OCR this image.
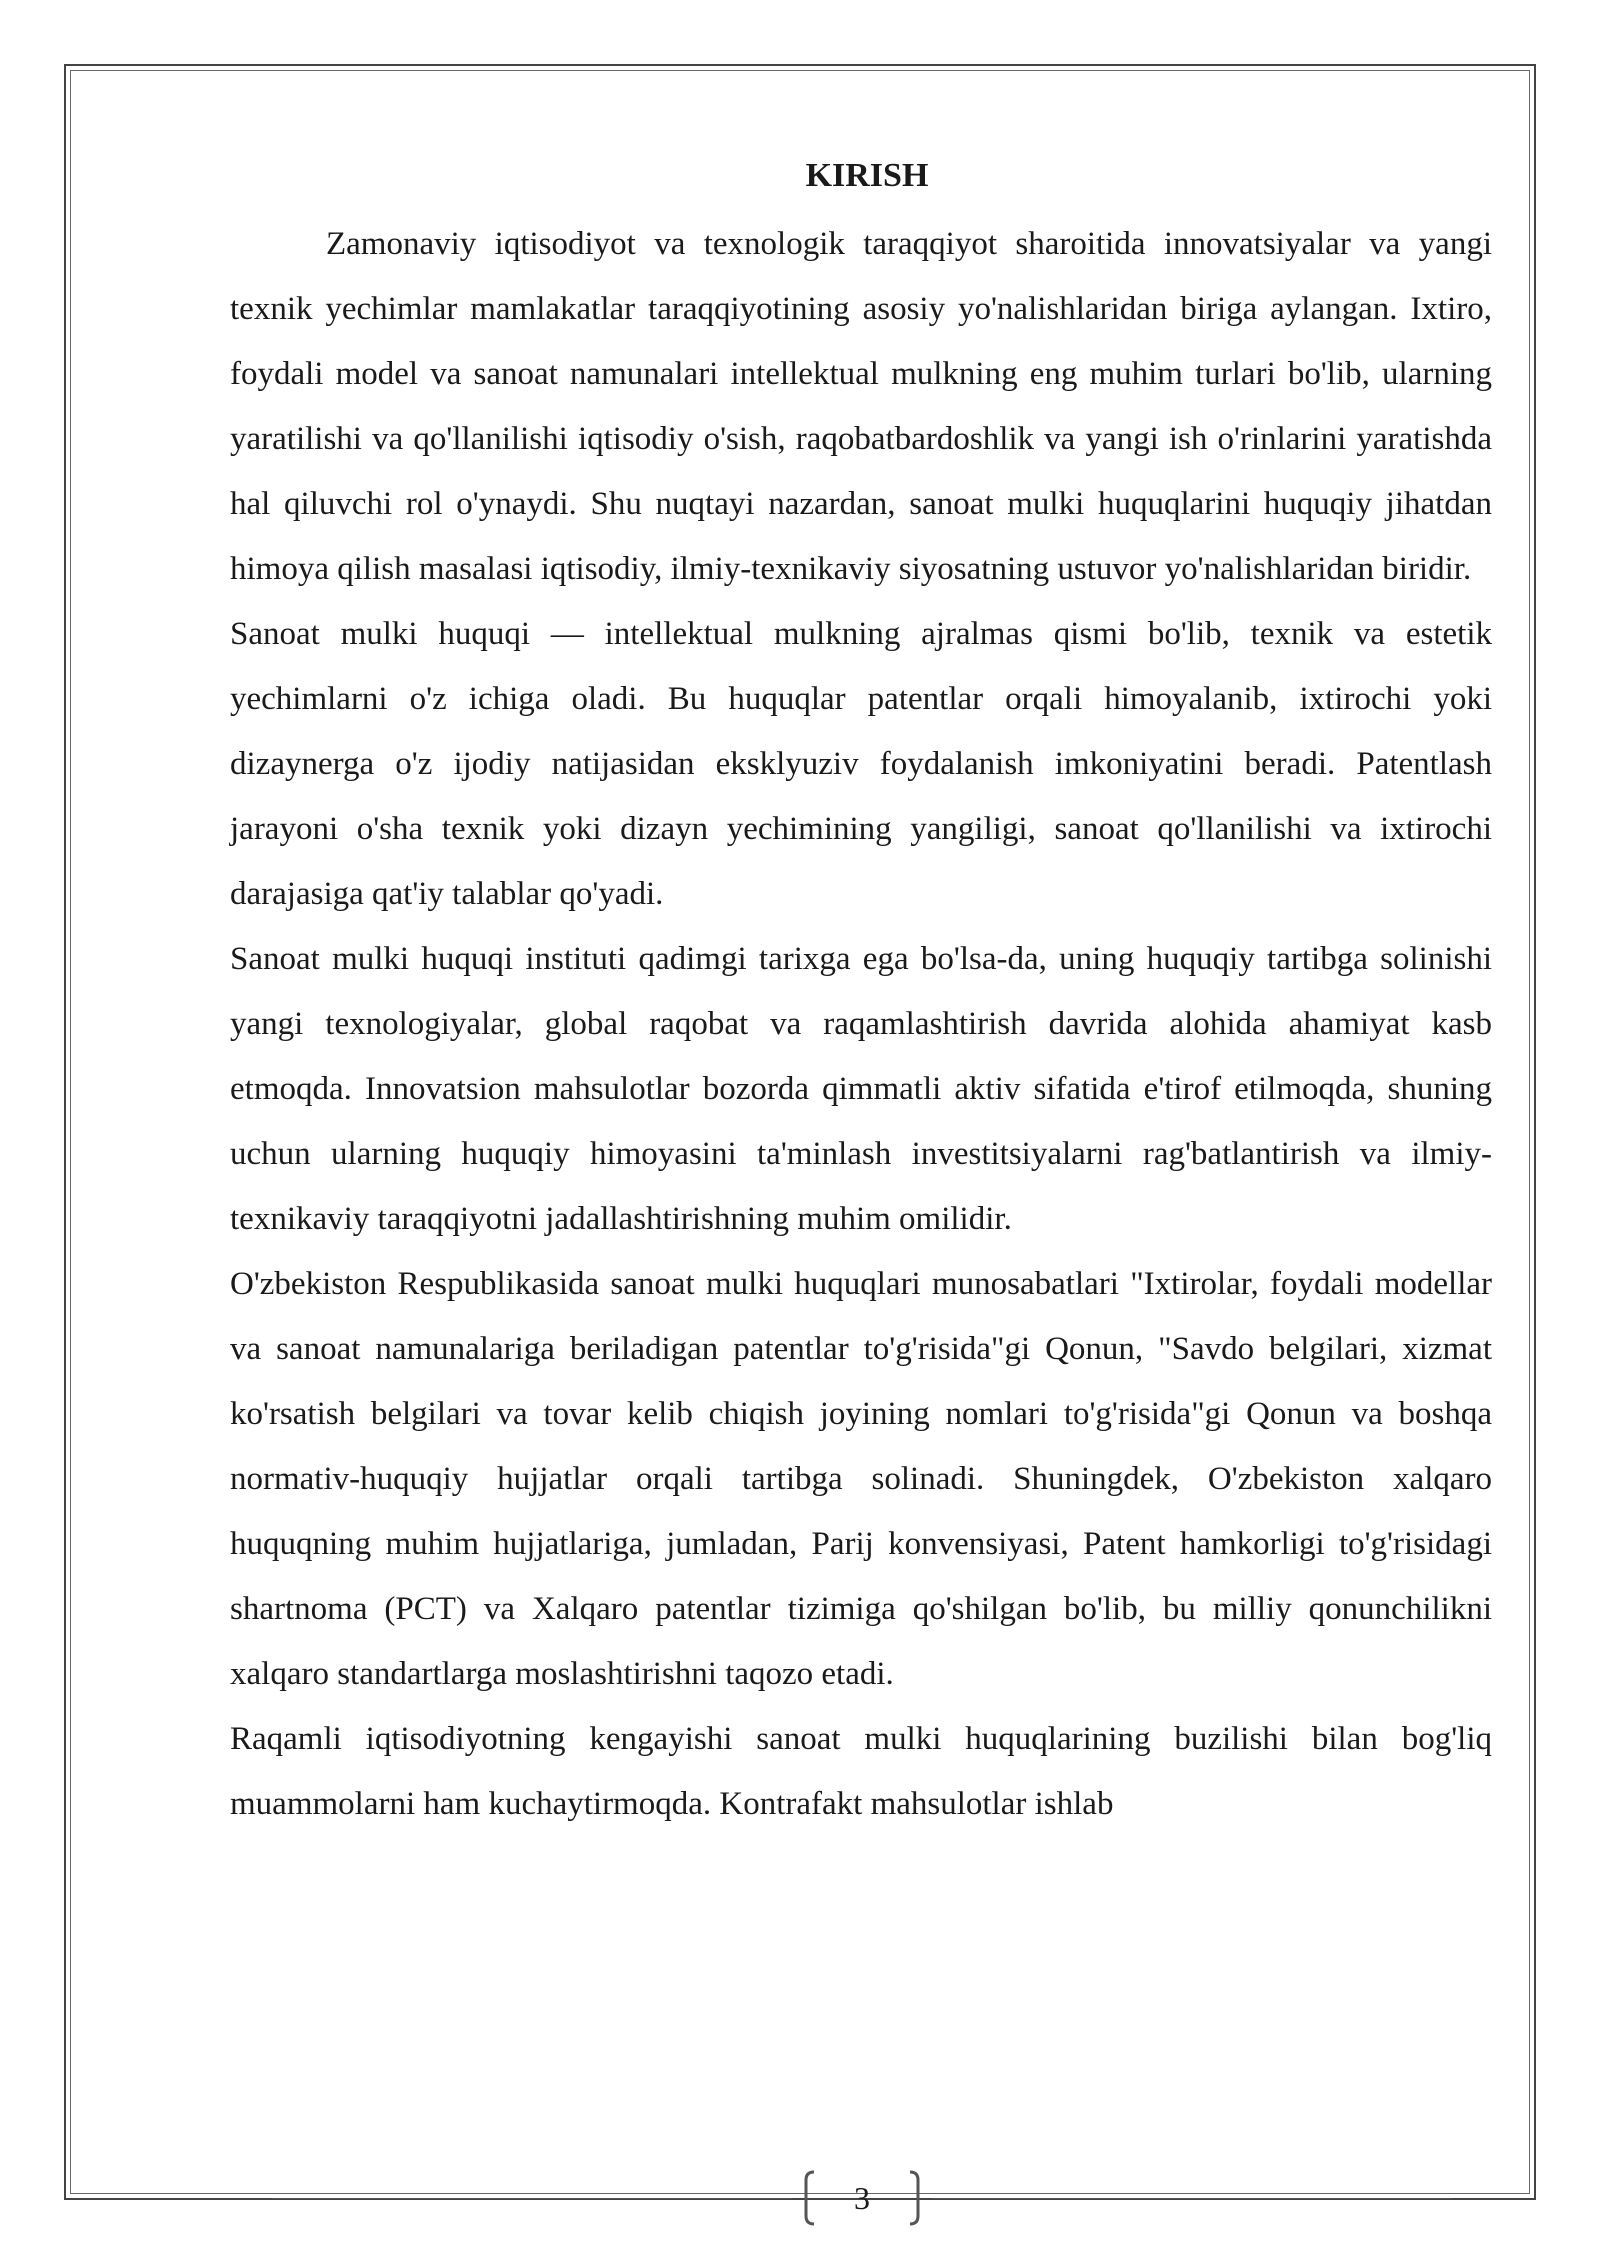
KIRISH

Zamonaviy iqtisodiyot va texnologik taraqqiyot sharoitida innovatsiyalar va yangi texnik yechimlar mamlakatlar taraqqiyotining asosiy yo'nalishlaridan biriga aylangan. Ixtiro, foydali model va sanoat namunalari intellektual mulkning eng muhim turlari bo'lib, ularning yaratilishi va qo'llanilishi iqtisodiy o'sish, raqobatbardoshlik va yangi ish o'rinlarini yaratishda hal qiluvchi rol o'ynaydi. Shu nuqtayi nazardan, sanoat mulki huquqlarini huquqiy jihatdan himoya qilish masalasi iqtisodiy, ilmiy-texnikaviy siyosatning ustuvor yo'nalishlaridan biridir.

Sanoat mulki huquqi — intellektual mulkning ajralmas qismi bo'lib, texnik va estetik yechimlarni o'z ichiga oladi. Bu huquqlar patentlar orqali himoyalanib, ixtirochi yoki dizaynerga o'z ijodiy natijasidan eksklyuziv foydalanish imkoniyatini beradi. Patentlash jarayoni o'sha texnik yoki dizayn yechimining yangiligi, sanoat qo'llanilishi va ixtirochi darajasiga qat'iy talablar qo'yadi.

Sanoat mulki huquqi instituti qadimgi tarixga ega bo'lsa-da, uning huquqiy tartibga solinishi yangi texnologiyalar, global raqobat va raqamlashtirish davrida alohida ahamiyat kasb etmoqda. Innovatsion mahsulotlar bozorda qimmatli aktiv sifatida e'tirof etilmoqda, shuning uchun ularning huquqiy himoyasini ta'minlash investitsiyalarni rag'batlantirish va ilmiy-texnikaviy taraqqiyotni jadallashtirishning muhim omilidir.

O'zbekiston Respublikasida sanoat mulki huquqlari munosabatlari "Ixtirolar, foydali modellar va sanoat namunalariga beriladigan patentlar to'g'risida"gi Qonun, "Savdo belgilari, xizmat ko'rsatish belgilari va tovar kelib chiqish joyining nomlari to'g'risida"gi Qonun va boshqa normativ-huquqiy hujjatlar orqali tartibga solinadi. Shuningdek, O'zbekiston xalqaro huquqning muhim hujjatlariga, jumladan, Parij konvensiyasi, Patent hamkorligi to'g'risidagi shartnoma (PCT) va Xalqaro patentlar tizimiga qo'shilgan bo'lib, bu milliy qonunchilikni xalqaro standartlarga moslashtirishni taqozo etadi.

Raqamli iqtisodiyotning kengayishi sanoat mulki huquqlarining buzilishi bilan bog'liq muammolarni ham kuchaytirmoqda. Kontrafakt mahsulotlar ishlab

3
